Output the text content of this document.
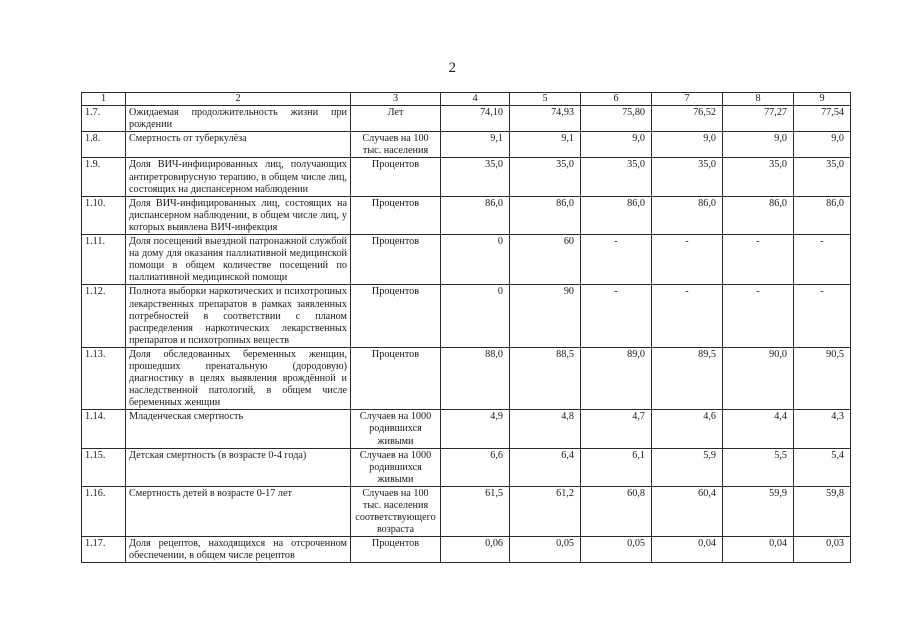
2
1	2	3	4	5	6	7	8	9
1.7.	Ожидаемая продолжительность жизни при рождении	Лет	74,10	74,93	75,80	76,52	77,27	77,54
1.8.	Смертность от туберкулёза	Случаев на 100 тыс. населения	9,1	9,1	9,0	9,0	9,0	9,0
1.9.	Доля ВИЧ-инфицированных лиц, получающих антиретровирусную терапию, в общем числе лиц, состоящих на диспансерном наблюдении	Процентов	35,0	35,0	35,0	35,0	35,0	35,0
1.10.	Доля ВИЧ-инфицированных лиц, состоящих на диспансерном наблюдении, в общем числе лиц, у которых выявлена ВИЧ-инфекция	Процентов	86,0	86,0	86,0	86,0	86,0	86,0
1.11.	Доля посещений выездной патронажной службой на дому для оказания паллиативной медицинской помощи в общем количестве посещений по паллиативной медицинской помощи	Процентов	0	60	-	-	-	-
1.12.	Полнота выборки наркотических и психотропных лекарственных препаратов в рамках заявленных потребностей в соответствии с планом распределения наркотических лекарственных препаратов и психотропных веществ	Процентов	0	90	-	-	-	-
1.13.	Доля обследованных беременных женщин, прошедших пренатальную (дородовую) диагностику в целях выявления врождённой и наследственной патологий, в общем числе беременных женщин	Процентов	88,0	88,5	89,0	89,5	90,0	90,5
1.14.	Младенческая смертность	Случаев на 1000 родившихся живыми	4,9	4,8	4,7	4,6	4,4	4,3
1.15.	Детская смертность (в возрасте 0-4 года)	Случаев на 1000 родившихся живыми	6,6	6,4	6,1	5,9	5,5	5,4
1.16.	Смертность детей в возрасте 0-17 лет	Случаев на 100 тыс. населения соответствующего возраста	61,5	61,2	60,8	60,4	59,9	59,8
1.17.	Доля рецептов, находящихся на отсроченном обеспечении, в общем числе рецептов	Процентов	0,06	0,05	0,05	0,04	0,04	0,03
